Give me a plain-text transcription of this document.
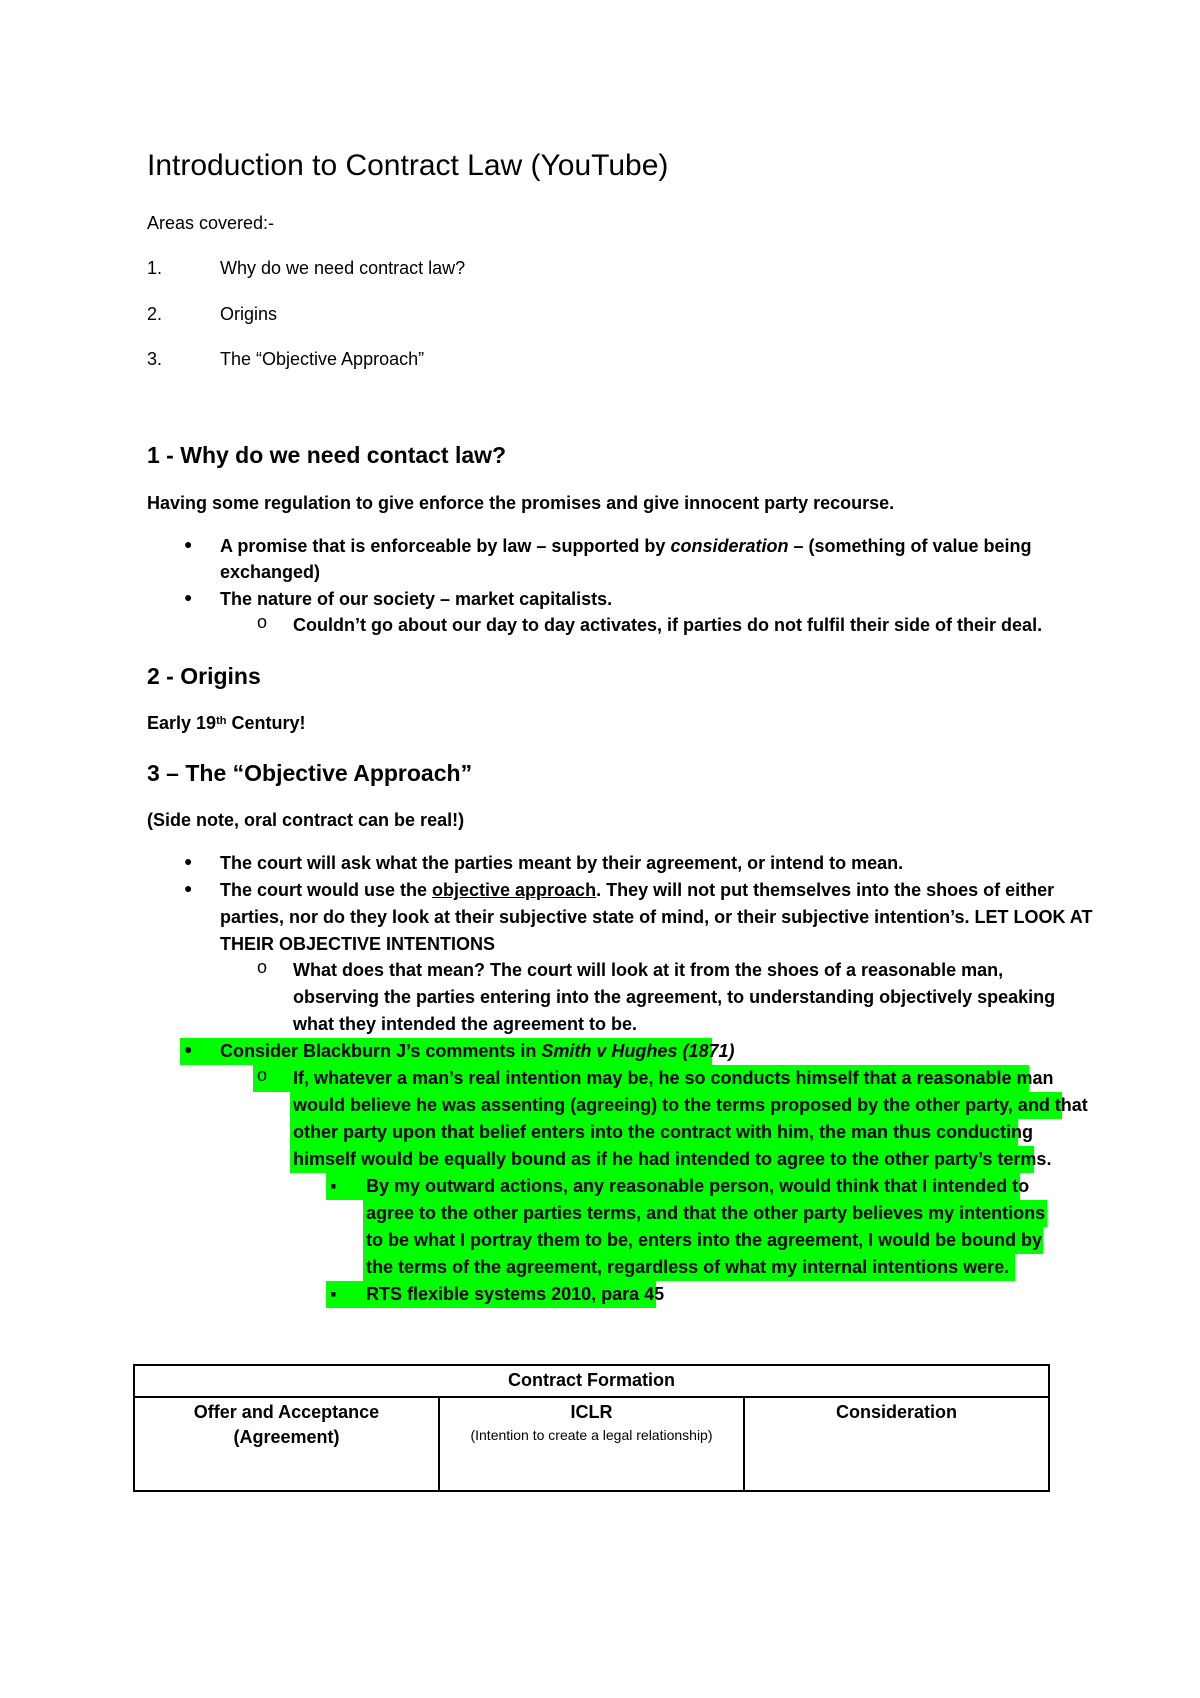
Introduction to Contract Law (YouTube)
Areas covered:-
1.	Why do we need contract law?
2.	Origins
3.	The “Objective Approach”
1 - Why do we need contact law?
Having some regulation to give enforce the promises and give innocent party recourse.
● A promise that is enforceable by law – supported by consideration – (something of value being
exchanged)
● The nature of our society – market capitalists.
o Couldn’t go about our day to day activates, if parties do not fulfil their side of their deal.
2 - Origins
Early 19th Century!
3 – The “Objective Approach”
(Side note, oral contract can be real!)
● The court will ask what the parties meant by their agreement, or intend to mean.
● The court would use the objective approach. They will not put themselves into the shoes of either
parties, nor do they look at their subjective state of mind, or their subjective intention’s. LET LOOK AT
THEIR OBJECTIVE INTENTIONS
o What does that mean? The court will look at it from the shoes of a reasonable man,
observing the parties entering into the agreement, to understanding objectively speaking
what they intended the agreement to be.
● Consider Blackburn J’s comments in Smith v Hughes (1871)
o If, whatever a man’s real intention may be, he so conducts himself that a reasonable man
would believe he was assenting (agreeing) to the terms proposed by the other party, and that
other party upon that belief enters into the contract with him, the man thus conducting
himself would be equally bound as if he had intended to agree to the other party’s terms.
▪ By my outward actions, any reasonable person, would think that I intended to
agree to the other parties terms, and that the other party believes my intentions
to be what I portray them to be, enters into the agreement, I would be bound by
the terms of the agreement, regardless of what my internal intentions were.
▪ RTS flexible systems 2010, para 45
Contract Formation
Offer and Acceptance
(Agreement)	ICLR
(Intention to create a legal relationship)
	Consideration
